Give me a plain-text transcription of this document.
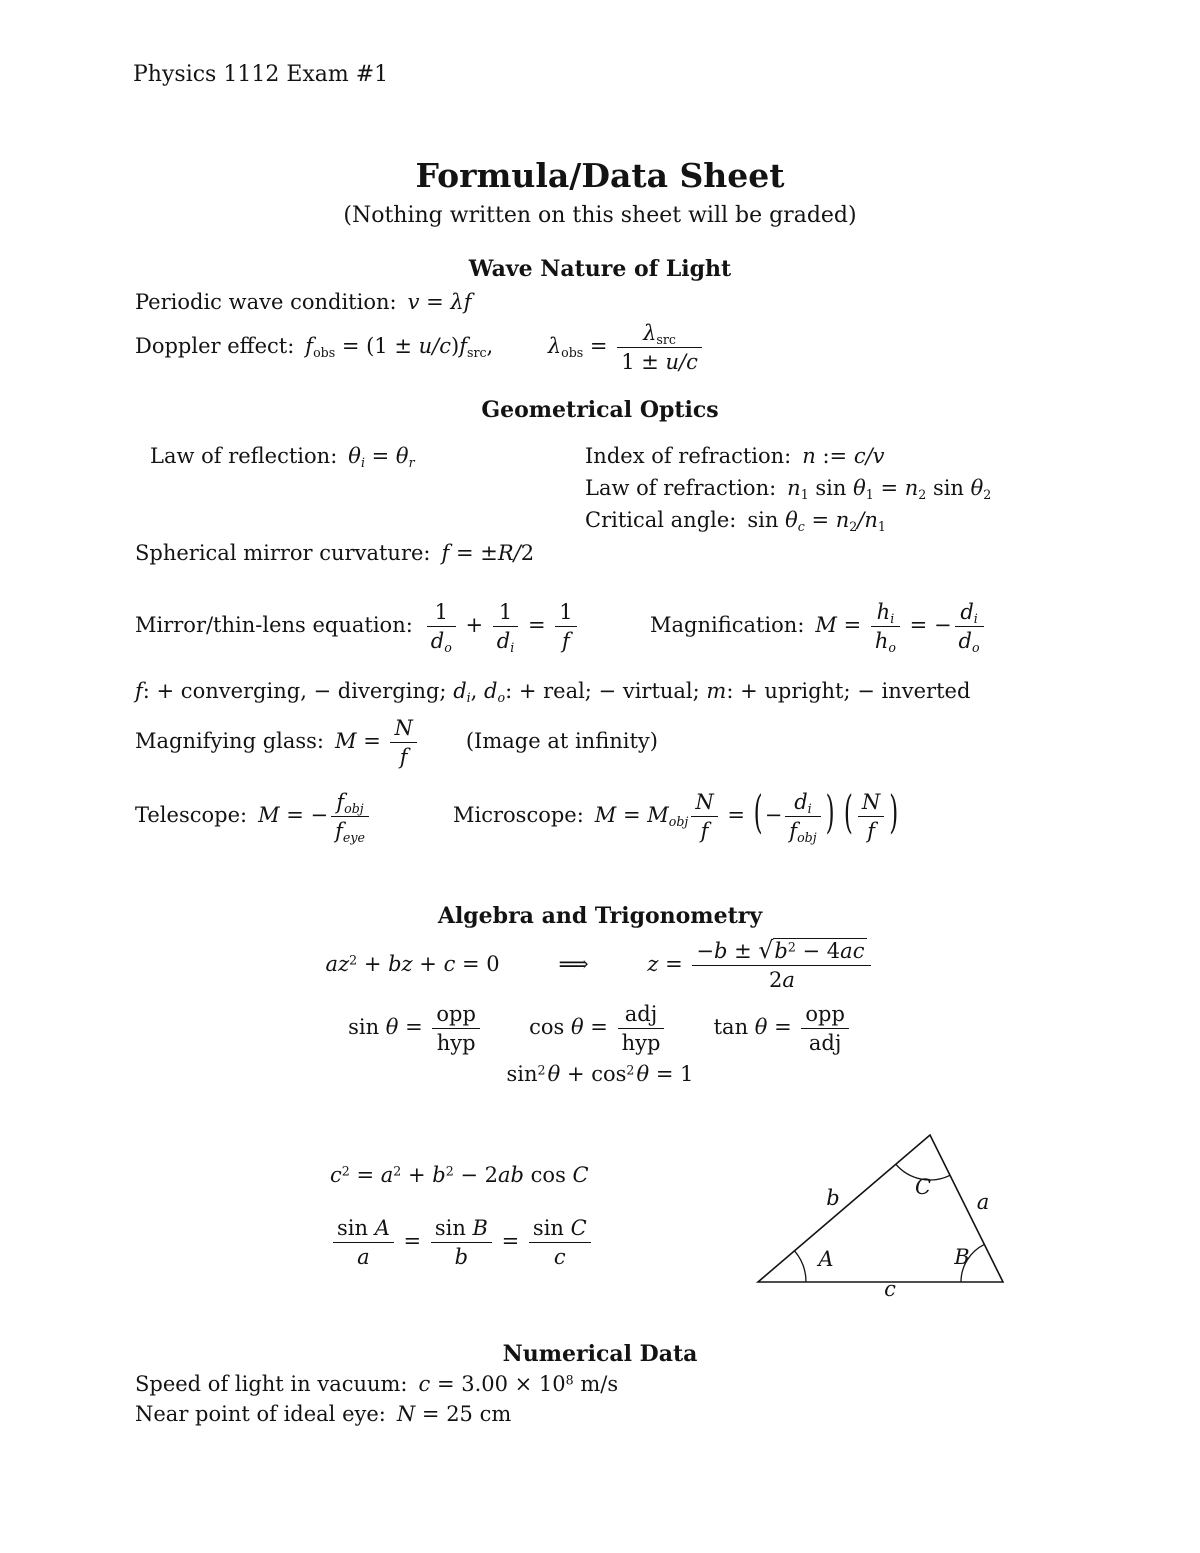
Physics 1112 Exam #1
Formula/Data Sheet
(Nothing written on this sheet will be graded)
Wave Nature of Light
Periodic wave condition: v = λf
Doppler effect: $f_{obs} = (1 \pm u/c)f_{src}$,	$\lambda_{obs} = \frac{\lambda_{src}}{1 \pm u/c}$
Geometrical Optics
Law of reflection: $\theta_i = \theta_r$	Index of refraction: n := c/v
Law of refraction: $n_1$ $\sin \theta_1 = n_2$ $\sin \theta_2$
Critical angle: $\sin \theta_c = n_2/n_1$
Spherical mirror curvature: f = ±R/2
Mirror/thin-lens equation: $\frac{1}{d_o} + \frac{1}{d_i} = \frac{1}{f}$	Magnification: $M = \frac{h_i}{h_o}$ = − $\frac{d_i}{d_o}$
f: + converging, − diverging; $d_i$, $d_o$: + real; − virtual; m: + upright; − inverted
Magnifying glass: $M = \frac{N}{f}$ (Image at infinity)
Telescope: M = − $\frac{f_{obj}}{f_{eye}}$	Microscope: $M = M_{obj} \frac{N}{f}$ = (− $\frac{d_i}{f_{obj}}$ ) ( $\frac{N}{f}$ )
Algebra and Trigonometry
$az^2$ + bz + c = 0	⟹	$z = \frac{-b \pm √ b^2 - 4ac}{2a}$
$\sin \theta = \frac{\text{opp}}{\text{hyp}}$ $\cos \theta = \frac{\text{adj}}{\text{hyp}}$ $\tan \theta = \frac{\text{opp}}{\text{adj}}$
$\sin^2\theta + \cos^2\theta = 1$
$c^2 = a^2 + b^2 - 2ab$ cos C
$\frac{\text{sin A}}{a} = \frac{\text{sin B}}{b} = \frac{\text{sin C}}{c}$
b	a
c
A	B
C
Numerical Data
Speed of light in vacuum: $c = 3.00 \times 10^8$ m/s
Near point of ideal eye: N = 25 cm
